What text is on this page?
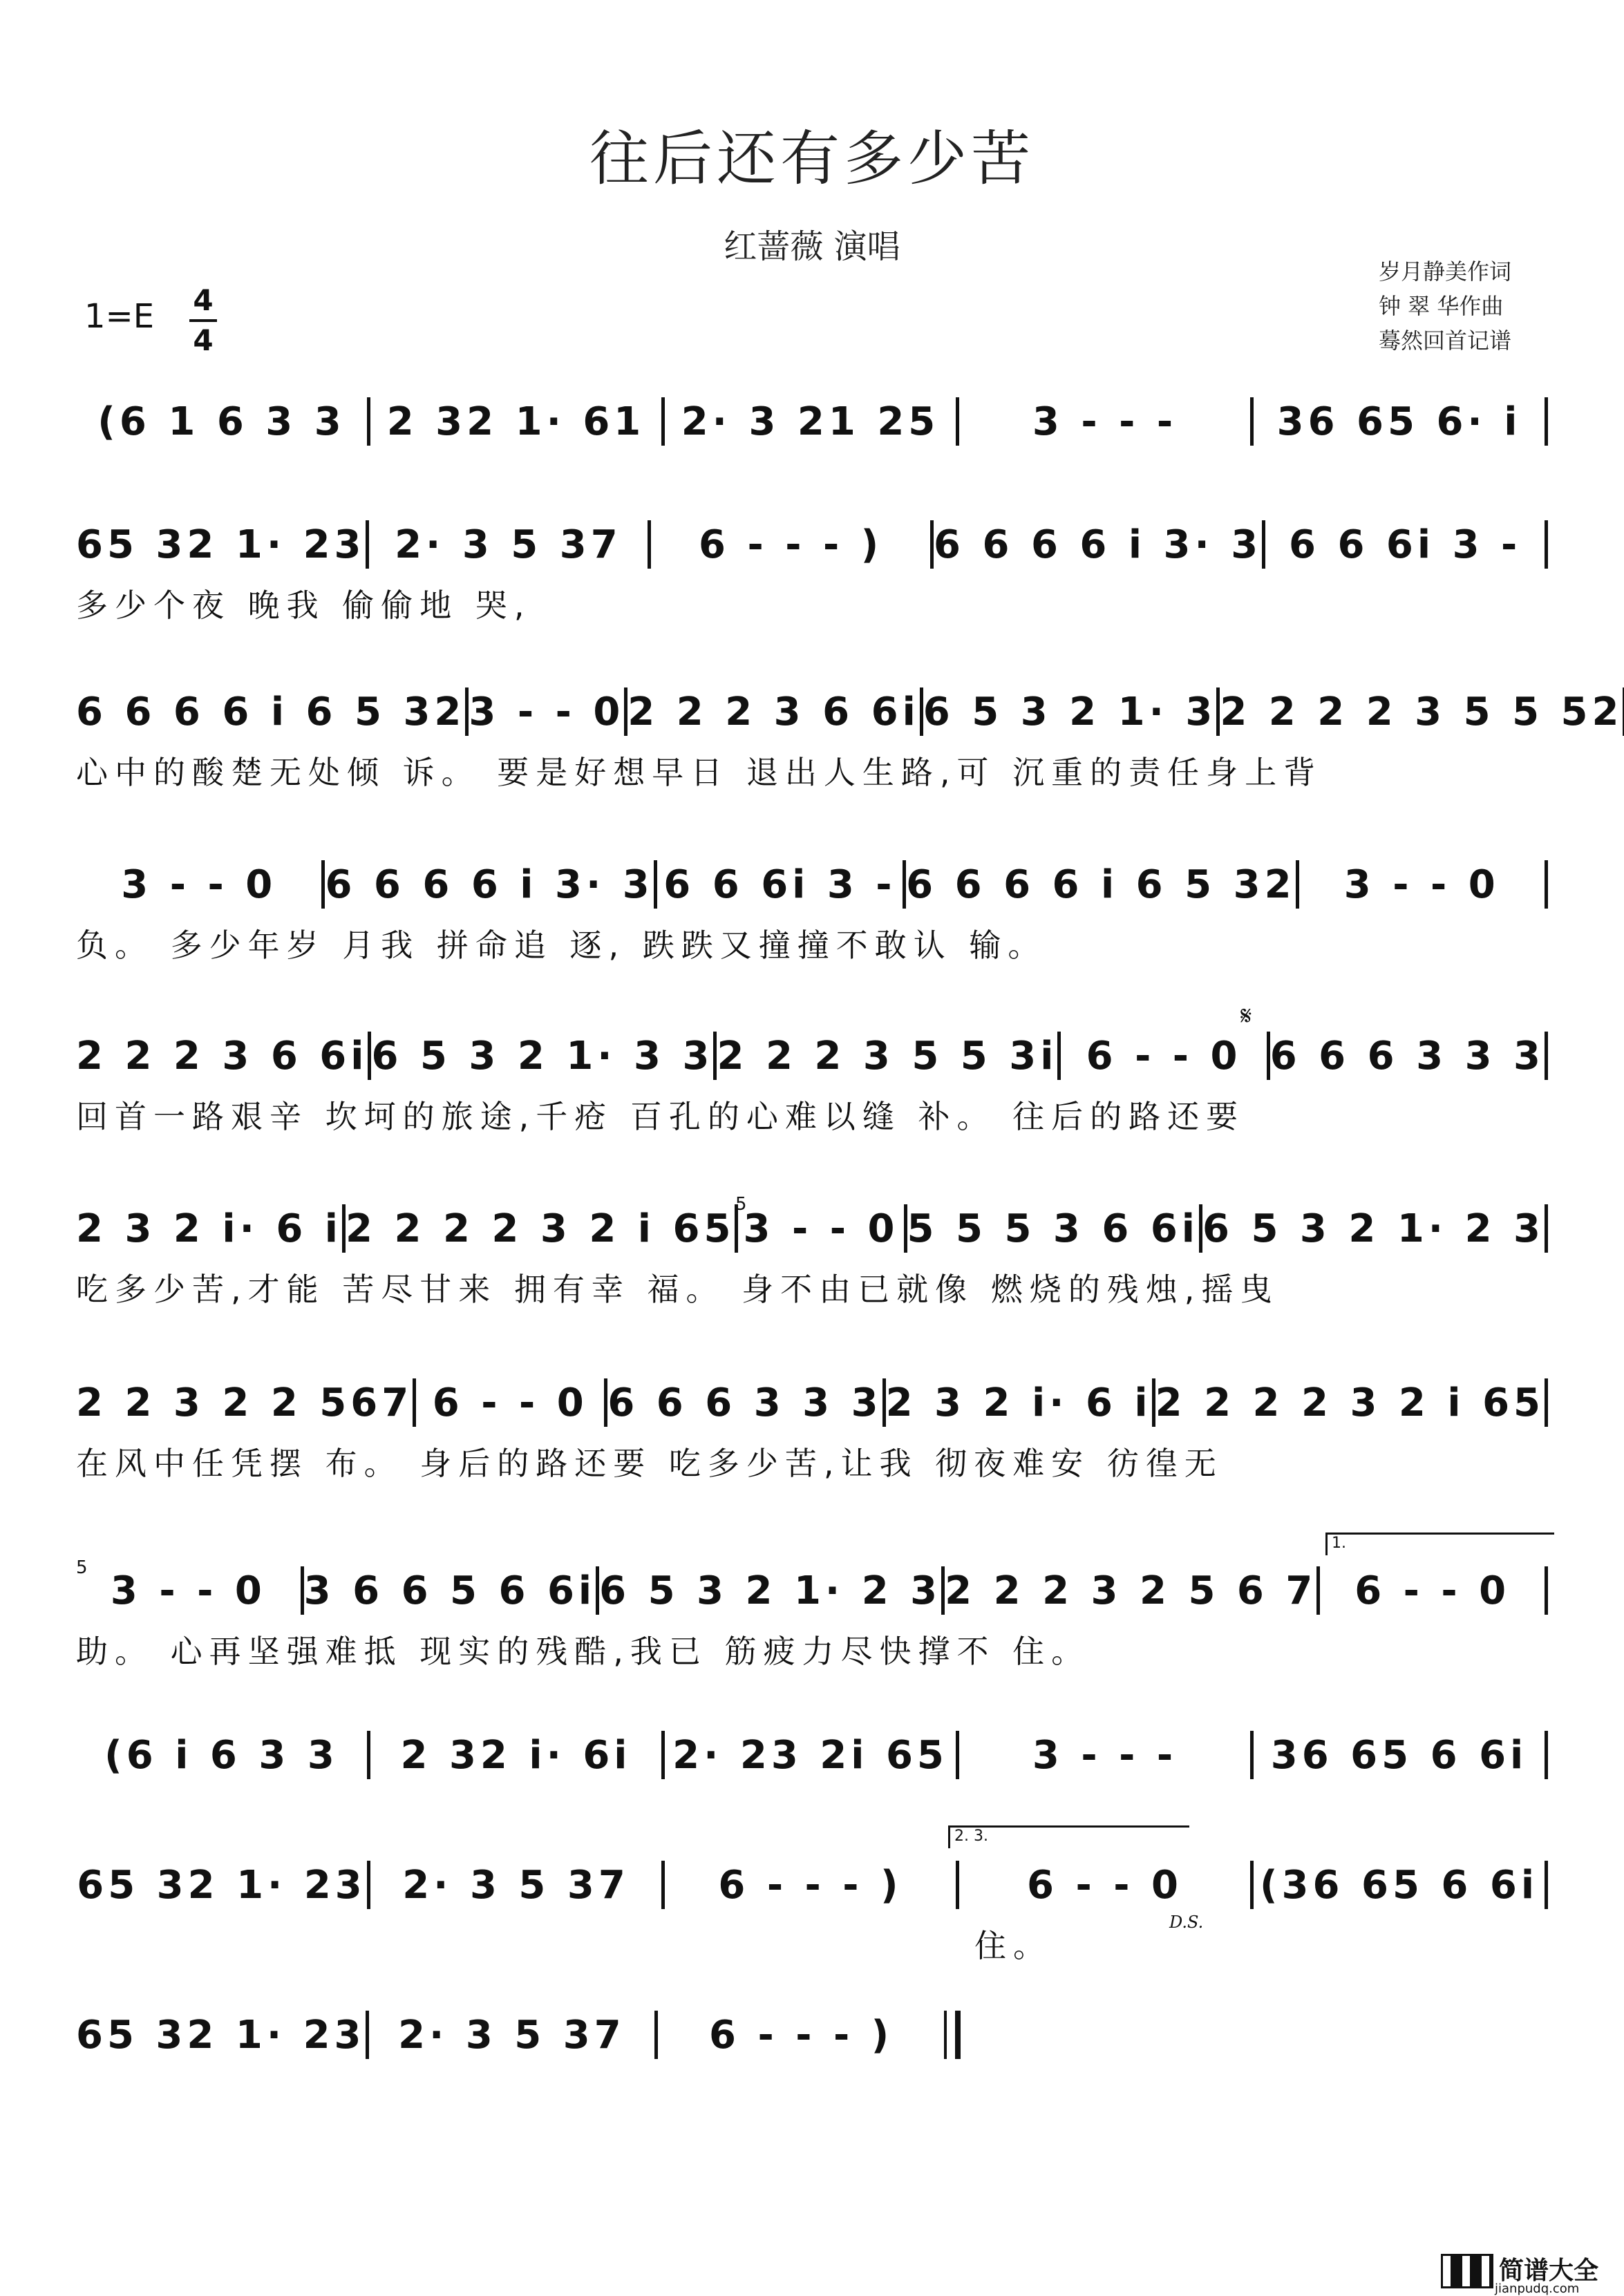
往后还有多少苦
红蔷薇 演唱
1=E 4
4
岁月静美作词
钟 翠 华作曲
蓦然回首记谱
(6 1 6 3 3	2 32 1· 61 2· 3 21 25	3 - - -	36 65 6· i
65 32 1· 23 2· 3 5 37	6 - - - )	6 6 6 6 i 3· 3 6 6 6i 3 -
多少个夜 晚我 偷偷地 哭,
6 6 6 6 i 6 5 32 3 - - 0 2 2 2 3 6 6i 6 5 3 2 1· 3 2 2 2 2 3 5 5 52
心中的酸楚无处倾 诉。 要是好想早日 退出人生路,可 沉重的责任身上背
3 - - 0	6 6 6 6 i 3· 3 6 6 6i 3 - 6 6 6 6 i 6 5 32	3 - - 0
负。 多少年岁 月我 拼命追 逐, 跌跌又撞撞不敢认 输。
2 2 2 3 6 6i 6 5 3 2 1· 3 3 2 2 2 3 5 5 3i 6 - - 0 6 6 6 3 3 3
回首一路艰辛 坎坷的旅途,千疮 百孔的心难以缝 补。 往后的路还要
2 3 2 i· 6 i 2 2 2 2 3 2 i 65 3 - - 0 5 5 5 3 6 6i 6 5 3 2 1· 2 3
吃多少苦,才能 苦尽甘来 拥有幸 福。 身不由已就像 燃烧的残烛,摇曳
2 2 3 2 2 567 6 - - 0 6 6 6 3 3 3 2 3 2 i· 6 i 2 2 2 2 3 2 i 65
在风中任凭摆 布。 身后的路还要 吃多少苦,让我 彻夜难安 彷徨无
3 - - 0 3 6 6 5 6 6i 6 5 3 2 1· 2 3 2 2 2 3 2 5 6 7 6 - - 0
助。 心再坚强难抵 现实的残酷,我已 筋疲力尽快撑不 住。
(6 i 6 3 3	2 32 i· 6i	2· 23 2i 65	3 - - -	36 65 6 6i
65 32 1· 23 2· 3 5 37	6 - - - )	6 - - 0	(36 65 6 6i
住。
65 32 1· 23 2· 3 5 37	6 - - - )
1.
2. 3.
𝄋
D.S.
5
5
简谱大全
jianpudq.com
